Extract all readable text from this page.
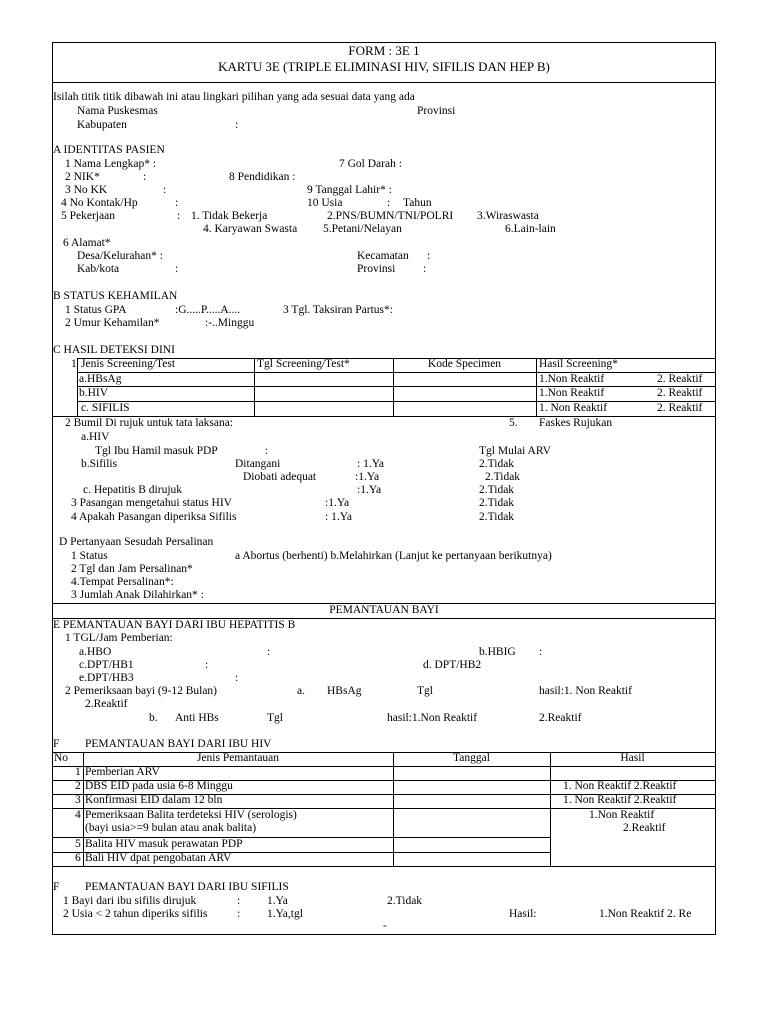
FORM : 3E 1
KARTU 3E (TRIPLE ELIMINASI HIV, SIFILIS DAN HEP B)
Isilah titik titik dibawah ini atau lingkari pilihan yang ada sesuai data yang ada
Nama Puskesmas	Provinsi
Kabupaten	:
A IDENTITAS PASIEN
1 Nama Lengkap* :	7 Gol Darah :
2 NIK*	:	8 Pendidikan :
3 No KK	:	9 Tanggal Lahir* :
4 No Kontak/Hp	:	10 Usia	: Tahun
5 Pekerjaan	: 1. Tidak Bekerja	2.PNS/BUMN/TNI/POLRI 3.Wiraswasta
4. Karyawan Swasta 5.Petani/Nelayan	6.Lain-lain
6 Alamat*
Desa/Kelurahan* :	Kecamatan :
Kab/kota	:	Provinsi :
B STATUS KEHAMILAN
1 Status GPA	:G.....P.....A....	3 Tgl. Taksiran Partus*:
2 Umur Kehamilan*	:-..Minggu
C HASIL DETEKSI DINI
1 Jenis Screening/Test	Tgl Screening/Test*	Kode Specimen	Hasil Screening*
a.HBsAg	1.Non Reaktif	2. Reaktif
b.HIV	1.Non Reaktif	2. Reaktif
c. SIFILIS	1. Non Reaktif	2. Reaktif
2 Bumil Di rujuk untuk tata laksana:	5. Faskes Rujukan
a.HIV
Tgl Ibu Hamil masuk PDP	:	Tgl Mulai ARV
b.Sifilis	Ditangani	: 1.Ya	2.Tidak
Diobati adequat	:1.Ya	2.Tidak
c. Hepatitis B dirujuk	:1.Ya	2.Tidak
3 Pasangan mengetahui status HIV	:1.Ya	2.Tidak
4 Apakah Pasangan diperiksa Sifilis	: 1.Ya	2.Tidak
D Pertanyaan Sesudah Persalinan
1 Status	a Abortus (berhenti) b.Melahirkan (Lanjut ke pertanyaan berikutnya)
2 Tgl dan Jam Persalinan*
4.Tempat Persalinan*:
3 Jumlah Anak Dilahirkan* :
PEMANTAUAN BAYI
E PEMANTAUAN BAYI DARI IBU HEPATITIS B
1 TGL/Jam Pemberian:
a.HBO	:	b.HBIG :
c.DPT/HB1	:	d. DPT/HB2
e.DPT/HB3	:
2 Pemeriksaan bayi (9-12 Bulan)	a. HBsAg	Tgl	hasil:1. Non Reaktif
2.Reaktif
b. Anti HBs	Tgl	hasil:1.Non Reaktif	2.Reaktif
F PEMANTAUAN BAYI DARI IBU HIV
No	Jenis Pemantauan	Tanggal	Hasil
1 Pemberian ARV
2 DBS EID pada usia 6-8 Minggu	1. Non Reaktif 2.Reaktif
3 Konfirmasi EID dalam 12 bln	1. Non Reaktif 2.Reaktif
4 Pemeriksaan Balita terdeteksi HIV (serologis)
(bayi usia>=9 bulan atau anak balita)
1.Non Reaktif
2.Reaktif
5 Balita HIV masuk perawatan PDP
6 Bali HIV dpat pengobatan ARV
F PEMANTAUAN BAYI DARI IBU SIFILIS
1 Bayi dari ibu sifilis dirujuk	: 1.Ya	2.Tidak
2 Usia < 2 tahun diperiks sifilis	: 1.Ya,tgl	Hasil:	1.Non Reaktif 2. Re
-
